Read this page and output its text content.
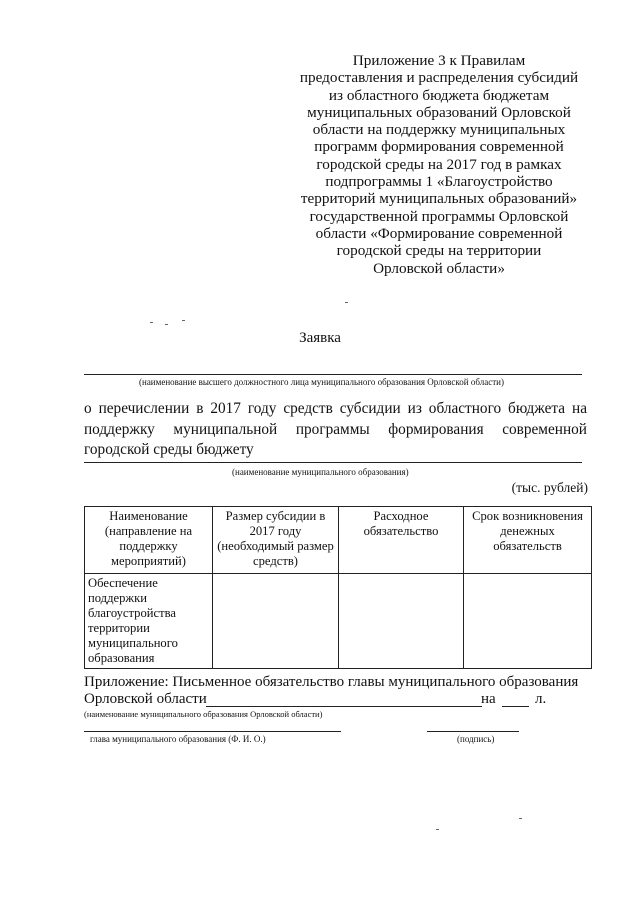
Приложение 3 к Правилам
предоставления и распределения субсидий
из областного бюджета бюджетам
муниципальных образований Орловской
области на поддержку муниципальных
программ формирования современной
городской среды на 2017 год в рамках
подпрограммы 1 «Благоустройство
территорий муниципальных образований»
государственной программы Орловской
области «Формирование современной
городской среды на территории
Орловской области»
Заявка
(наименование высшего должностного лица муниципального образования Орловской области)
о перечислении в 2017 году средств субсидии из областного бюджета на
поддержку муниципальной программы формирования современной
городской среды бюджету
(наименование муниципального образования)
(тыс. рублей)
Наименование (направление на поддержку мероприятий)	Размер субсидии в 2017 году (необходимый размер средств)	Расходное обязательство	Срок возникновения денежных обязательств
Обеспечение поддержки благоустройства территории муниципального образования			
Приложение: Письменное обязательство главы муниципального образования
Орловской области	на	л.
(наименование муниципального образования Орловской области)
глава муниципального образования (Ф. И. О.)	(подпись)
